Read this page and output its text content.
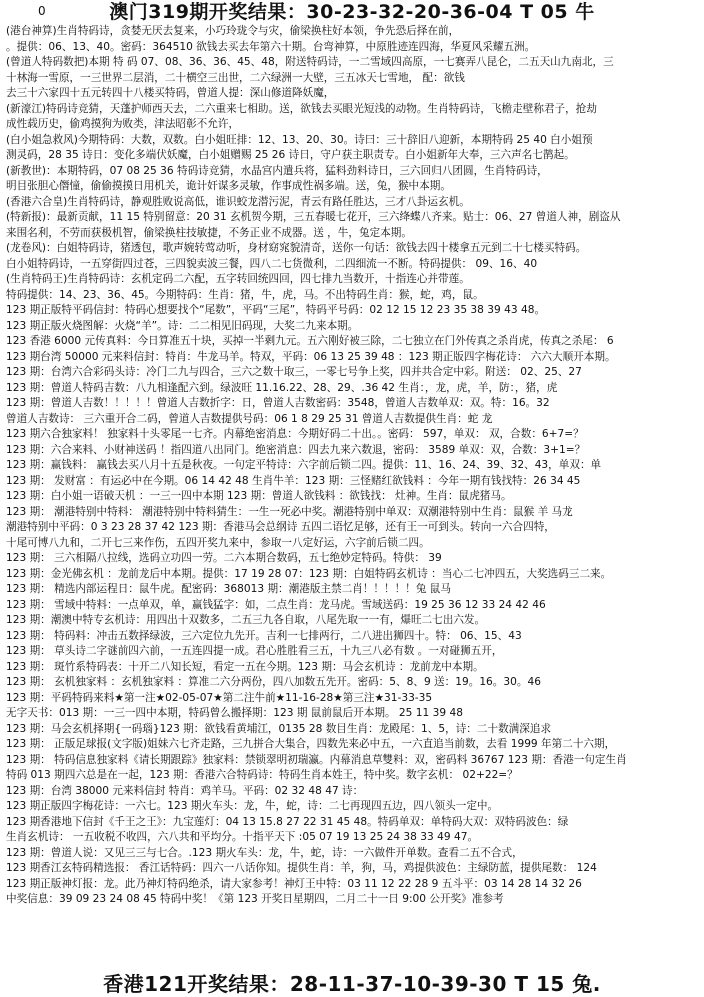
0	澳门319期开奖结果：30-23-32-20-36-04 T 05 牛
(港台神算)生肖特码诗，贪婪无厌去复来，小巧玲珑令与灾，偷梁换柱好本领，争先恐后择在前，
。提供：06、13、40。密码：364510 欲钱去买去年第六十期。台弯神算，中原胜迹连四海，华夏风采耀五洲。
(曾道人特码数把)本期 特 码 07、08、36、36、45、48，附送特码诗，一二雪域四高原，一七赛弄八昆仑，二五天山九南北，三
十林海一雪原，一三世界二层消，二十横空三出世，二六绿洲一大壁，三五冰天七雪地， 配：欲钱
去三十六家四十五元转四十八楼买特码，曾道人提：深山修道降妖魔，
(新濠江)特码诗竞猜，天蓬护师西天去，二六重来七相助。送，欲钱去买眼光短浅的动物。生肖特码诗，飞檐走壁称君子，抢劫
成性载历史，偷鸡摸狗为败类，津法昭彰不允许，
(白小姐急救风)今期特码：大数，双数。白小姐旺排：12、13、20、30。诗曰：三十辞旧八迎新，本期特码 25 40 白小姐预
测灵码，28 35 诗日：变化多端伏妖魔，白小姐赠赐 25 26 诗日，守户获主职责专。白小姐新年大奉，三六声名七鹊起。
(新教世)：本期特码，07 08 25 36 特码诗竞猜，水晶宫内遣兵将，猛料劲料诗日，三六回归八团圆，生肖特码诗，
明目张胆心僭憧，偷偷摸摸日用机关，诡计奸谋多灵敏，作事成性祸多端。送，兔，猴中本期。
(香港六合皇)生肖特码诗，静观胜败说高低，谁识蛟龙潜污泥，青云有路任胜达，三才八卦运玄机。
(特新报)：最新贡献，11 15 特别留意：20 31 玄机贺今期，三五春暖七花开，三六绛蝶八齐来。贴士：06、27 曾道人神，剧盗从
来围名利，不劳而获极机智，偷梁换柱技敏捷，不务正业不成器。送 ，牛，兔定本期。
(龙卷风)：白姐特码诗，猪透包，歌声婉转莺动听，身材窈窕貌清奇，送你一句话：欲钱去四十楼拿五元到二十七楼买特码。
白小姐特码诗，一五穿街四过苍，三四貌卖波三餐，四八二七货微利，二四细流一不断。特码提供： 09、16、40
(生肖特码王)生肖特码诗：玄机定码二六配，五字转回统四回，四七排九当数开，十指连心并带莲。
特码提供：14、23、36、45。今期特码：生肖：猪，牛，虎，马。不出特码生肖：猴，蛇，鸡，鼠。
123 期正版特平码信封：特码心想要找个“尾数”，平码“三尾”，特码平号码：02 12 15 12 23 35 38 39 43 48。
123 期正版火烧图解：火烧“羊”。诗：二二相见旧码现，大奖二九来本期。
123 香港 6000 元传真料：今日算准五十块，买掉一半剩九元。五六刚好被三除，二七独立在门外传真之杀肖虎，传真之杀尾： 6
123 期台湾 50000 元来料信封：特肖：牛龙马羊。特双，平码：06 13 25 39 48 ：123 期正版四字梅花诗： 六六大顺开本期。
123 期：台湾六合彩码头诗：冷门二九与四合，三六之数十取三，一零七号争上奖，四并共合定中彩。附送： 02、25、27
123 期：曾道人特码吉数：八九相逢配六到。绿波旺 11.16.22、28、29、.36 42 生肖：，龙，虎，羊，防：，猪，虎
123 期：曾道人吉数！！！！！曾道人吉数折字：日，曾道人吉数密码：3548，曾道人吉数单双：双。特：16。32
曾道人吉数诗： 三六重开合二码，曾道人吉数提供号码：06 1 8 29 25 31 曾道人吉数提供生肖：蛇 龙
123 期六合独家料！ 独家料十头零尾一七齐。内幕绝密消息：今期好码二十出。。密码： 597，单双： 双，合数：6+7=？
123 期：六合来料、小财神送码 ！指四道八出同门。绝密消息：四去九来六数退，密码： 3589 单双：双，合数：3+1=？
123 期：赢钱料： 赢钱去买八月十五是秋夜。一句定平特诗：六字前后锁二四。提供：11、16、24、39、32、43，单双：单
123 期： 发财富 ：有运必中在今期。06 14 42 48 生肖牛羊：123 期：三怪赌红欲钱料 ：今年一期有钱找特：26 34 45
123 期：白小姐一语破天机 ：一三一四中本期 123 期：曾道人欲钱料 ：欲钱找： 灶神。生肖：鼠虎猪马。
123 期： 潮港特别中特料： 潮港特别中特料猜生：一生一死必中奖。潮港特别中单双：双潮港特别中生肖：鼠猴 羊 马龙
潮港特别中平码：0 3 23 28 37 42 123 期：香港马会总纲诗 五四二语忆足够，还有王一可到头。转向一六合四特，
十尾可博八九和，二开七三来作伤，五四开奖九来中，参取一八定好运，六字前后锁二四。
123 期： 三六相隔八拉线，选码立功四一劳。二六本期合数码，五七绝妙定特码。特供： 39
123 期：金光佛玄机 ：龙前龙后中本期。提供：17 19 28 07：123 期：白姐特码玄机诗 ：当心二七冲四五，大奖选码三二来。
123 期： 精选内部运程日：鼠牛虎。配密码：368013 期：潮港版主禁二肖！！！！！兔 鼠马
123 期： 雪域中特料：一点单双，单，赢钱猛字：如，二点生肖：龙马虎。雪域送码：19 25 36 12 33 24 42 46
123 期：潮澳中特专玄机诗：用四出十双数多，二五三九各自取，八尾先取一一有，爆旺二七出六发。
123 期： 特码料：冲击五数择绿波，三六定位九先开。吉利一七排两行，二八进出狮四十。特： 06、15、43
123 期： 草头诗二字谜前四六前，一五连四提一成。君心胜胜看三五，十九三八必有数 。一对碰狮五开，
123 期： 斑竹系特码表：十开二八知长短，看定一五在今期。123 期：马会玄机诗 ：龙前龙中本期。
123 期： 玄机独家料 ：玄机独家料 ：算准二六分两份，四八加数五先开。密码：5、8、9 送：19。16。30。46
123 期：平码特码来料★第一注★02-05-07★第二注牛前★11-16-28★第三注★31-33-35
无字天书：013 期：一三一四中本期，特码曾么搬择期：123 期 鼠前鼠后开本期。 25 11 39 48
123 期：马会玄机择期{一码瑙}123 期：欲钱看黄埔江，0135 28 数目生肖：龙殿尾：1、5，诗：二十数满深追求
123 期： 正版足球报(文字版)姐妹六七齐走路，三九拼合大集合，四数先来必中五，一六直追当前数，去看 1999 年第二十六期，
123 期： 特码信息独家料《请长期跟踪》独家料：禁锁翠明初瑞瀛。内幕消息草雙料：双，密码料 36767 123 期：香港一句定生肖
特码 013 期四六总是在一起，123 期：香港六合特码诗：特码生肖本姓王，特中奖。数字玄机： 02+22=？
123 期：台湾 38000 元来料信封 特肖：鸡羊马。平码：02 32 48 47 诗：
123 期正版四字梅花诗：一六七。123 期火车头：龙，牛，蛇，诗：二七再现四五边，四八领头一定中。
123 期香港地下信封《千王之王》：九宝莲灯：04 13 15.8 27 22 31 45 48。特码单双：单特码大双：双特码波色：绿
生肖玄机诗： 一五收税不收四，六八共和平均分。十指平天下 :05 07 19 13 25 24 38 33 49 47。
123 期：曾道人说：又见三三与七合。.123 期火车头：龙，牛，蛇，诗：一六做件开单数。查看二五不合式，
123 期香江玄特码精选报： 香江话特码：四六一八话你知。提供生肖：羊，狗，马，鸡提供波色：主绿防蓝，提供尾数： 124
123 期正版神灯报：龙。此乃神灯特码绝杀，请大家参考！神灯王中特：03 11 12 22 28 9 五斗平：03 14 28 14 32 26
中奖信息：39 09 23 24 08 45 特码中奖！《第 123 开奖日星期四，二月二十一日 9:00 公开奖》准参考
香港121开奖结果：28-11-37-10-39-30 T 15 兔.
